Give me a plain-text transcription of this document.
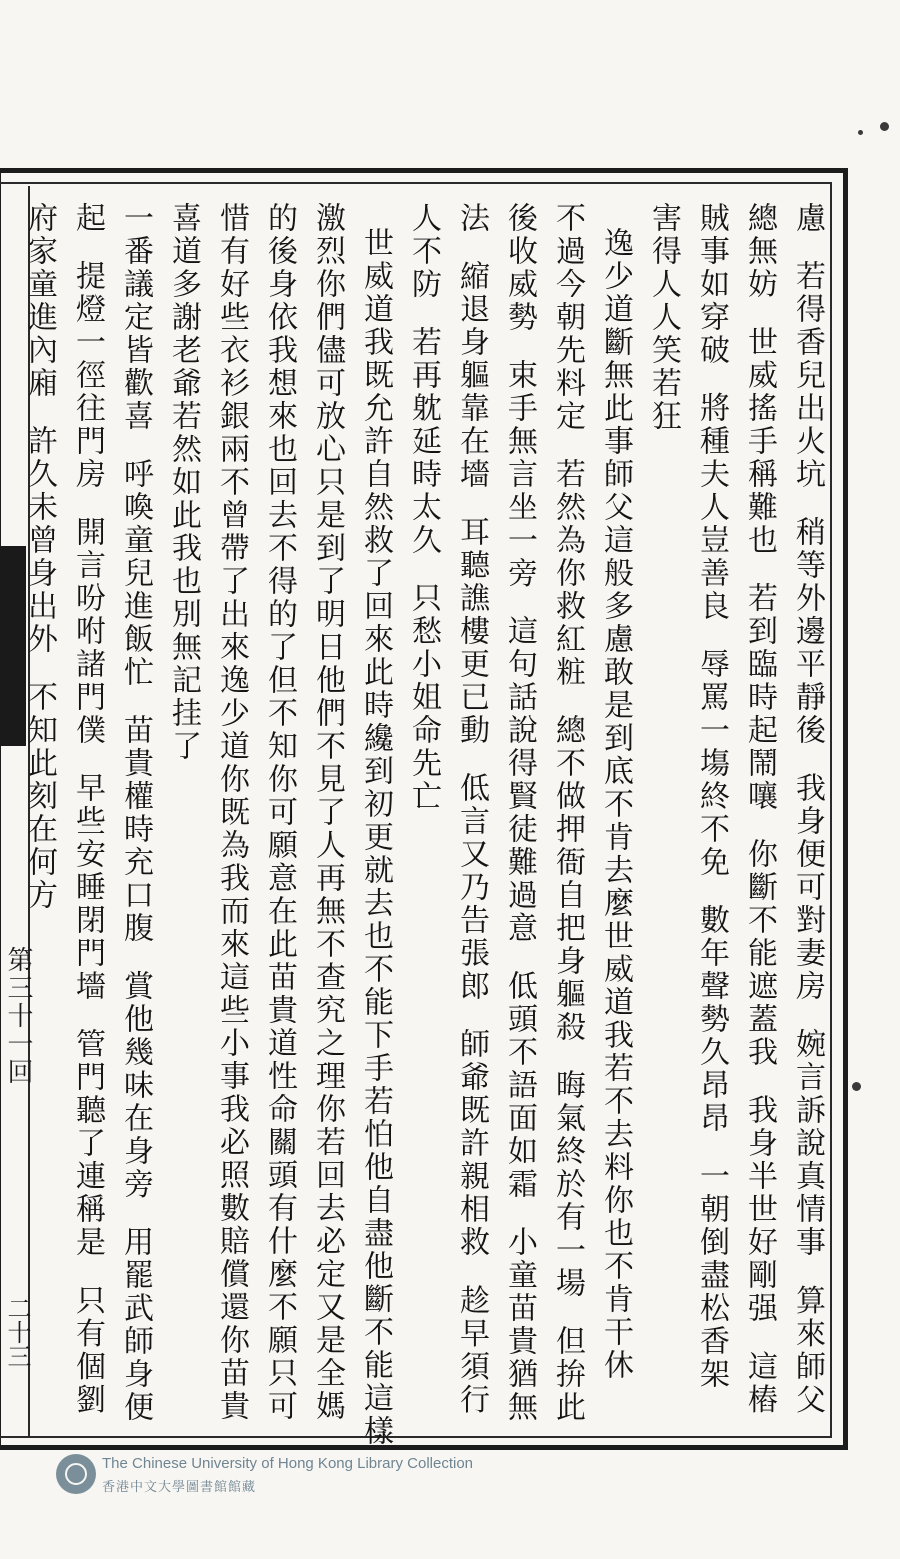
第三十一回
二十三	慮  若得香兒出火坑  稍等外邊平靜後  我身便可對妻房  婉言訴說真情事  算來師父
總無妨  世威搖手稱難也  若到臨時起鬧嚷  你斷不能遮蓋我  我身半世好剛强  這樁
賊事如穿破  將種夫人豈善良  辱罵一塲終不免  數年聲勢久昂昂  一朝倒盡松香架
害得人人笑若狂
逸少道斷無此事師父這般多慮敢是到底不肯去麼世威道我若不去料你也不肯干休
不過今朝先料定  若然為你救紅粧  總不做押衙自把身軀殺  晦氣終於有一場  但拚此
後收威勢  束手無言坐一旁  這句話說得賢徒難過意  低頭不語面如霜  小童苗貴猶無
法  縮退身軀靠在墻  耳聽譙樓更已動  低言又乃告張郎  師爺既許親相救  趁早須行
人不防  若再躭延時太久  只愁小姐命先亡
世威道我既允許自然救了回來此時纔到初更就去也不能下手若怕他自盡他斷不能這樣
激烈你們儘可放心只是到了明日他們不見了人再無不查究之理你若回去必定又是全媽
的後身依我想來也回去不得的了但不知你可願意在此苗貴道性命關頭有什麼不願只可
惜有好些衣衫銀兩不曾帶了出來逸少道你既為我而來這些小事我必照數賠償還你苗貴
喜道多謝老爺若然如此我也別無記挂了
一番議定皆歡喜  呼喚童兒進飯忙  苗貴權時充口腹  賞他幾味在身旁  用罷武師身便
起  提燈一徑往門房  開言吩咐諸門僕  早些安睡閉門墻  管門聽了連稱是  只有個劉
府家童進內廂  許久未曾身出外  不知此刻在何方
The Chinese University of Hong Kong Library Collection
香港中文大學圖書館館藏
